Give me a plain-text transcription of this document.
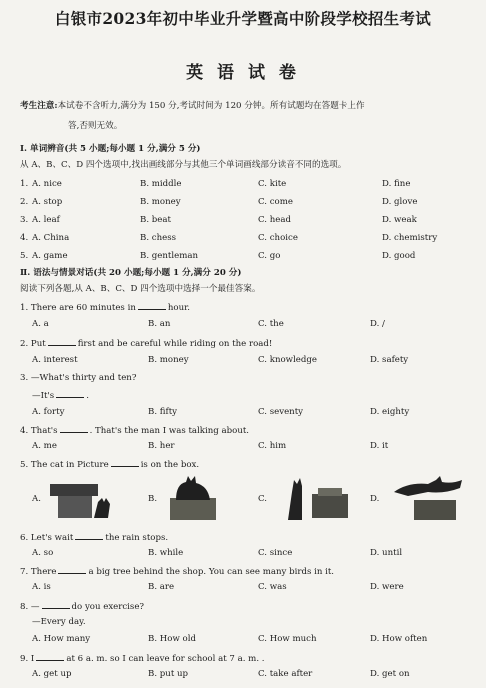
白银市2023年初中毕业升学暨高中阶段学校招生考试
英 语 试 卷
考生注意:本试卷不含听力,满分为 150 分,考试时间为 120 分钟。所有试题均在答题卡上作
答,否则无效。
Ⅰ. 单词辨音(共 5 小题;每小题 1 分,满分 5 分)
从 A、B、C、D 四个选项中,找出画线部分与其他三个单词画线部分读音不同的选项。
1. A. nice	B. middle	C. kite	D. fine
2. A. stop	B. money	C. come	D. glove
3. A. leaf	B. beat	C. head	D. weak
4. A. China	B. chess	C. choice	D. chemistry
5. A. game	B. gentleman	C. go	D. good
Ⅱ. 语法与情景对话(共 20 小题;每小题 1 分,满分 20 分)
阅读下列各题,从 A、B、C、D 四个选项中选择一个最佳答案。
1. There are 60 minutes in	hour.
A. a	B. an	C. the	D. /
2. Put	first and be careful while riding on the road!
A. interest	B. money	C. knowledge	D. safety
3. —What's thirty and ten?
—It's	.
A. forty	B. fifty	C. seventy	D. eighty
4. That's	. That's the man I was talking about.
A. me	B. her	C. him	D. it
5. The cat in Picture	is on the box.
A.	B.	C.	D.
6. Let's wait	the rain stops.
A. so	B. while	C. since	D. until
7. There	a big tree behind the shop. You can see many birds in it.
A. is	B. are	C. was	D. were
8. —	do you exercise?
—Every day.
A. How many	B. How old	C. How much	D. How often
9. I	at 6 a. m. so I can leave for school at 7 a. m. .
A. get up	B. put up	C. take after	D. get on
